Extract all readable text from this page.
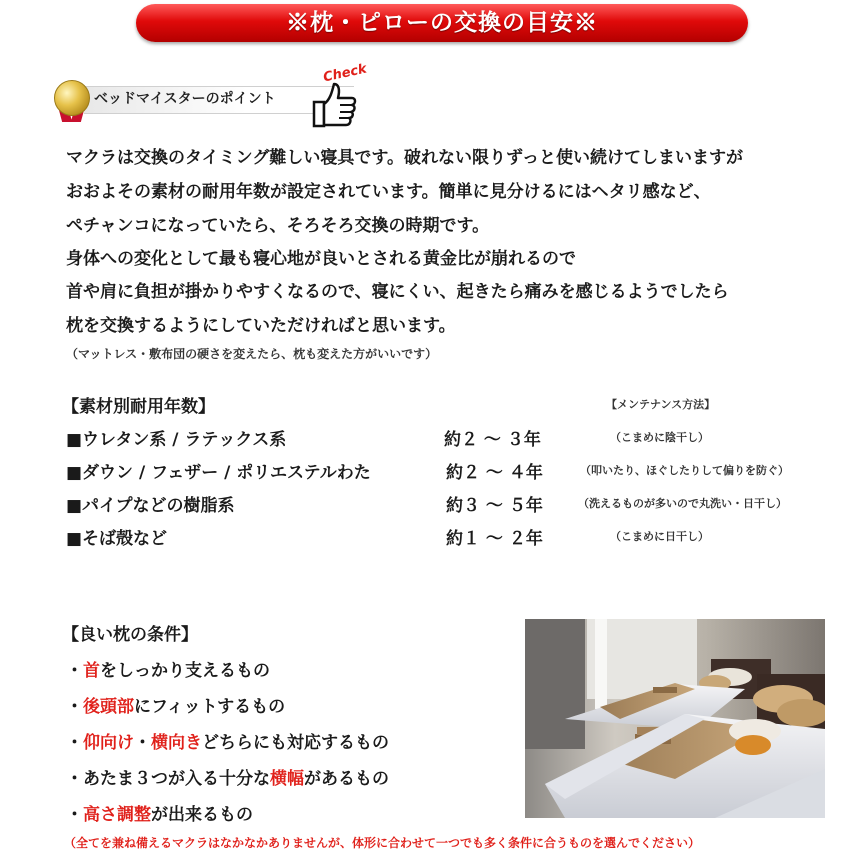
※枕・ピローの交換の目安※
ベッドマイスターのポイント
Check
マクラは交換のタイミング難しい寝具です。破れない限りずっと使い続けてしまいますが
おおよその素材の耐用年数が設定されています。簡単に見分けるにはヘタリ感など、
ペチャンコになっていたら、そろそろ交換の時期です。
身体への変化として最も寝心地が良いとされる黄金比が崩れるので
首や肩に負担が掛かりやすくなるので、寝にくい、起きたら痛みを感じるようでしたら
枕を交換するようにしていただければと思います。
（マットレス・敷布団の硬さを変えたら、枕も変えた方がいいです）
【素材別耐用年数】	【メンテナンス方法】
■ウレタン系 / ラテックス系	約２ 〜 ３年	（こまめに陰干し）
■ダウン / フェザー / ポリエステルわた	約２ 〜 ４年	（叩いたり、ほぐしたりして偏りを防ぐ）
■パイプなどの樹脂系	約３ 〜 ５年	（洗えるものが多いので丸洗い・日干し）
■そば殻など	約１ 〜 ２年	（こまめに日干し）
【良い枕の条件】
・首をしっかり支えるもの
・後頭部にフィットするもの
・仰向け・横向きどちらにも対応するもの
・あたま３つが入る十分な横幅があるもの
・高さ調整が出来るもの
（全てを兼ね備えるマクラはなかなかありませんが、体形に合わせて一つでも多く条件に合うものを選んでください）
